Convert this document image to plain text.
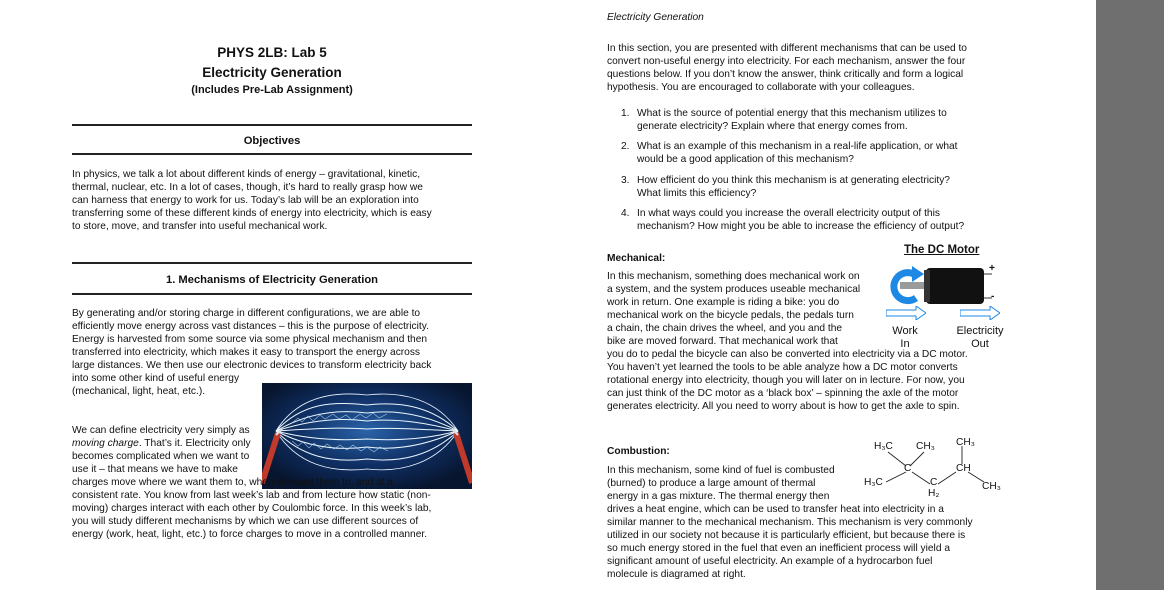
PHYS 2LB: Lab 5
Electricity Generation
(Includes Pre-Lab Assignment)
Objectives
In physics, we talk a lot about different kinds of energy – gravitational, kinetic,
thermal, nuclear, etc. In a lot of cases, though, it’s hard to really grasp how we
can harness that energy to work for us. Today’s lab will be an exploration into
transferring some of these different kinds of energy into electricity, which is easy
to store, move, and transfer into useful mechanical work.
1. Mechanisms of Electricity Generation
By generating and/or storing charge in different configurations, we are able to
efficiently move energy across vast distances – this is the purpose of electricity.
Energy is harvested from some source via some physical mechanism and then
transferred into electricity, which makes it easy to transport the energy across
large distances. We then use our electronic devices to transform electricity back
into some other kind of useful energy
(mechanical, light, heat, etc.).
We can define electricity very simply as
moving charge. That’s it. Electricity only
becomes complicated when we want to
use it – that means we have to make
charges move where we want them to, when we want them to, and at a
consistent rate. You know from last week’s lab and from lecture how static (non-
moving) charges interact with each other by Coulombic force. In this week’s lab,
you will study different mechanisms by which we can use different sources of
energy (work, heat, light, etc.) to force charges to move in a controlled manner.
Electricity Generation
In this section, you are presented with different mechanisms that can be used to
convert non-useful energy into electricity. For each mechanism, answer the four
questions below. If you don’t know the answer, think critically and form a logical
hypothesis. You are encouraged to collaborate with your colleagues.
1. What is the source of potential energy that this mechanism utilizes to
generate electricity? Explain where that energy comes from.
2. What is an example of this mechanism in a real-life application, or what
would be a good application of this mechanism?
3. How efficient do you think this mechanism is at generating electricity?
What limits this efficiency?
4. In what ways could you increase the overall electricity output of this
mechanism? How might you be able to increase the efficiency of output?
Mechanical:
The DC Motor
+
-
Work
In
Electricity
Out
In this mechanism, something does mechanical work on
a system, and the system produces useable mechanical
work in return. One example is riding a bike: you do
mechanical work on the bicycle pedals, the pedals turn
a chain, the chain drives the wheel, and you and the
bike are moved forward. That mechanical work that
you do to pedal the bicycle can also be converted into electricity via a DC motor.
You haven’t yet learned the tools to be able analyze how a DC motor converts
rotational energy into electricity, though you will later on in lecture. For now, you
can just think of the DC motor as a ‘black box’ – spinning the axle of the motor
generates electricity. All you need to worry about is how to get the axle to spin.
Combustion:	H₃C CH₃ CH₃
C	CH
H₃C	C
H₂
CH₃
In this mechanism, some kind of fuel is combusted
(burned) to produce a large amount of thermal
energy in a gas mixture. The thermal energy then
drives a heat engine, which can be used to transfer heat into electricity in a
similar manner to the mechanical mechanism. This mechanism is very commonly
utilized in our society not because it is particularly efficient, but because there is
so much energy stored in the fuel that even an inefficient process will yield a
significant amount of useful electricity. An example of a hydrocarbon fuel
molecule is diagramed at right.
